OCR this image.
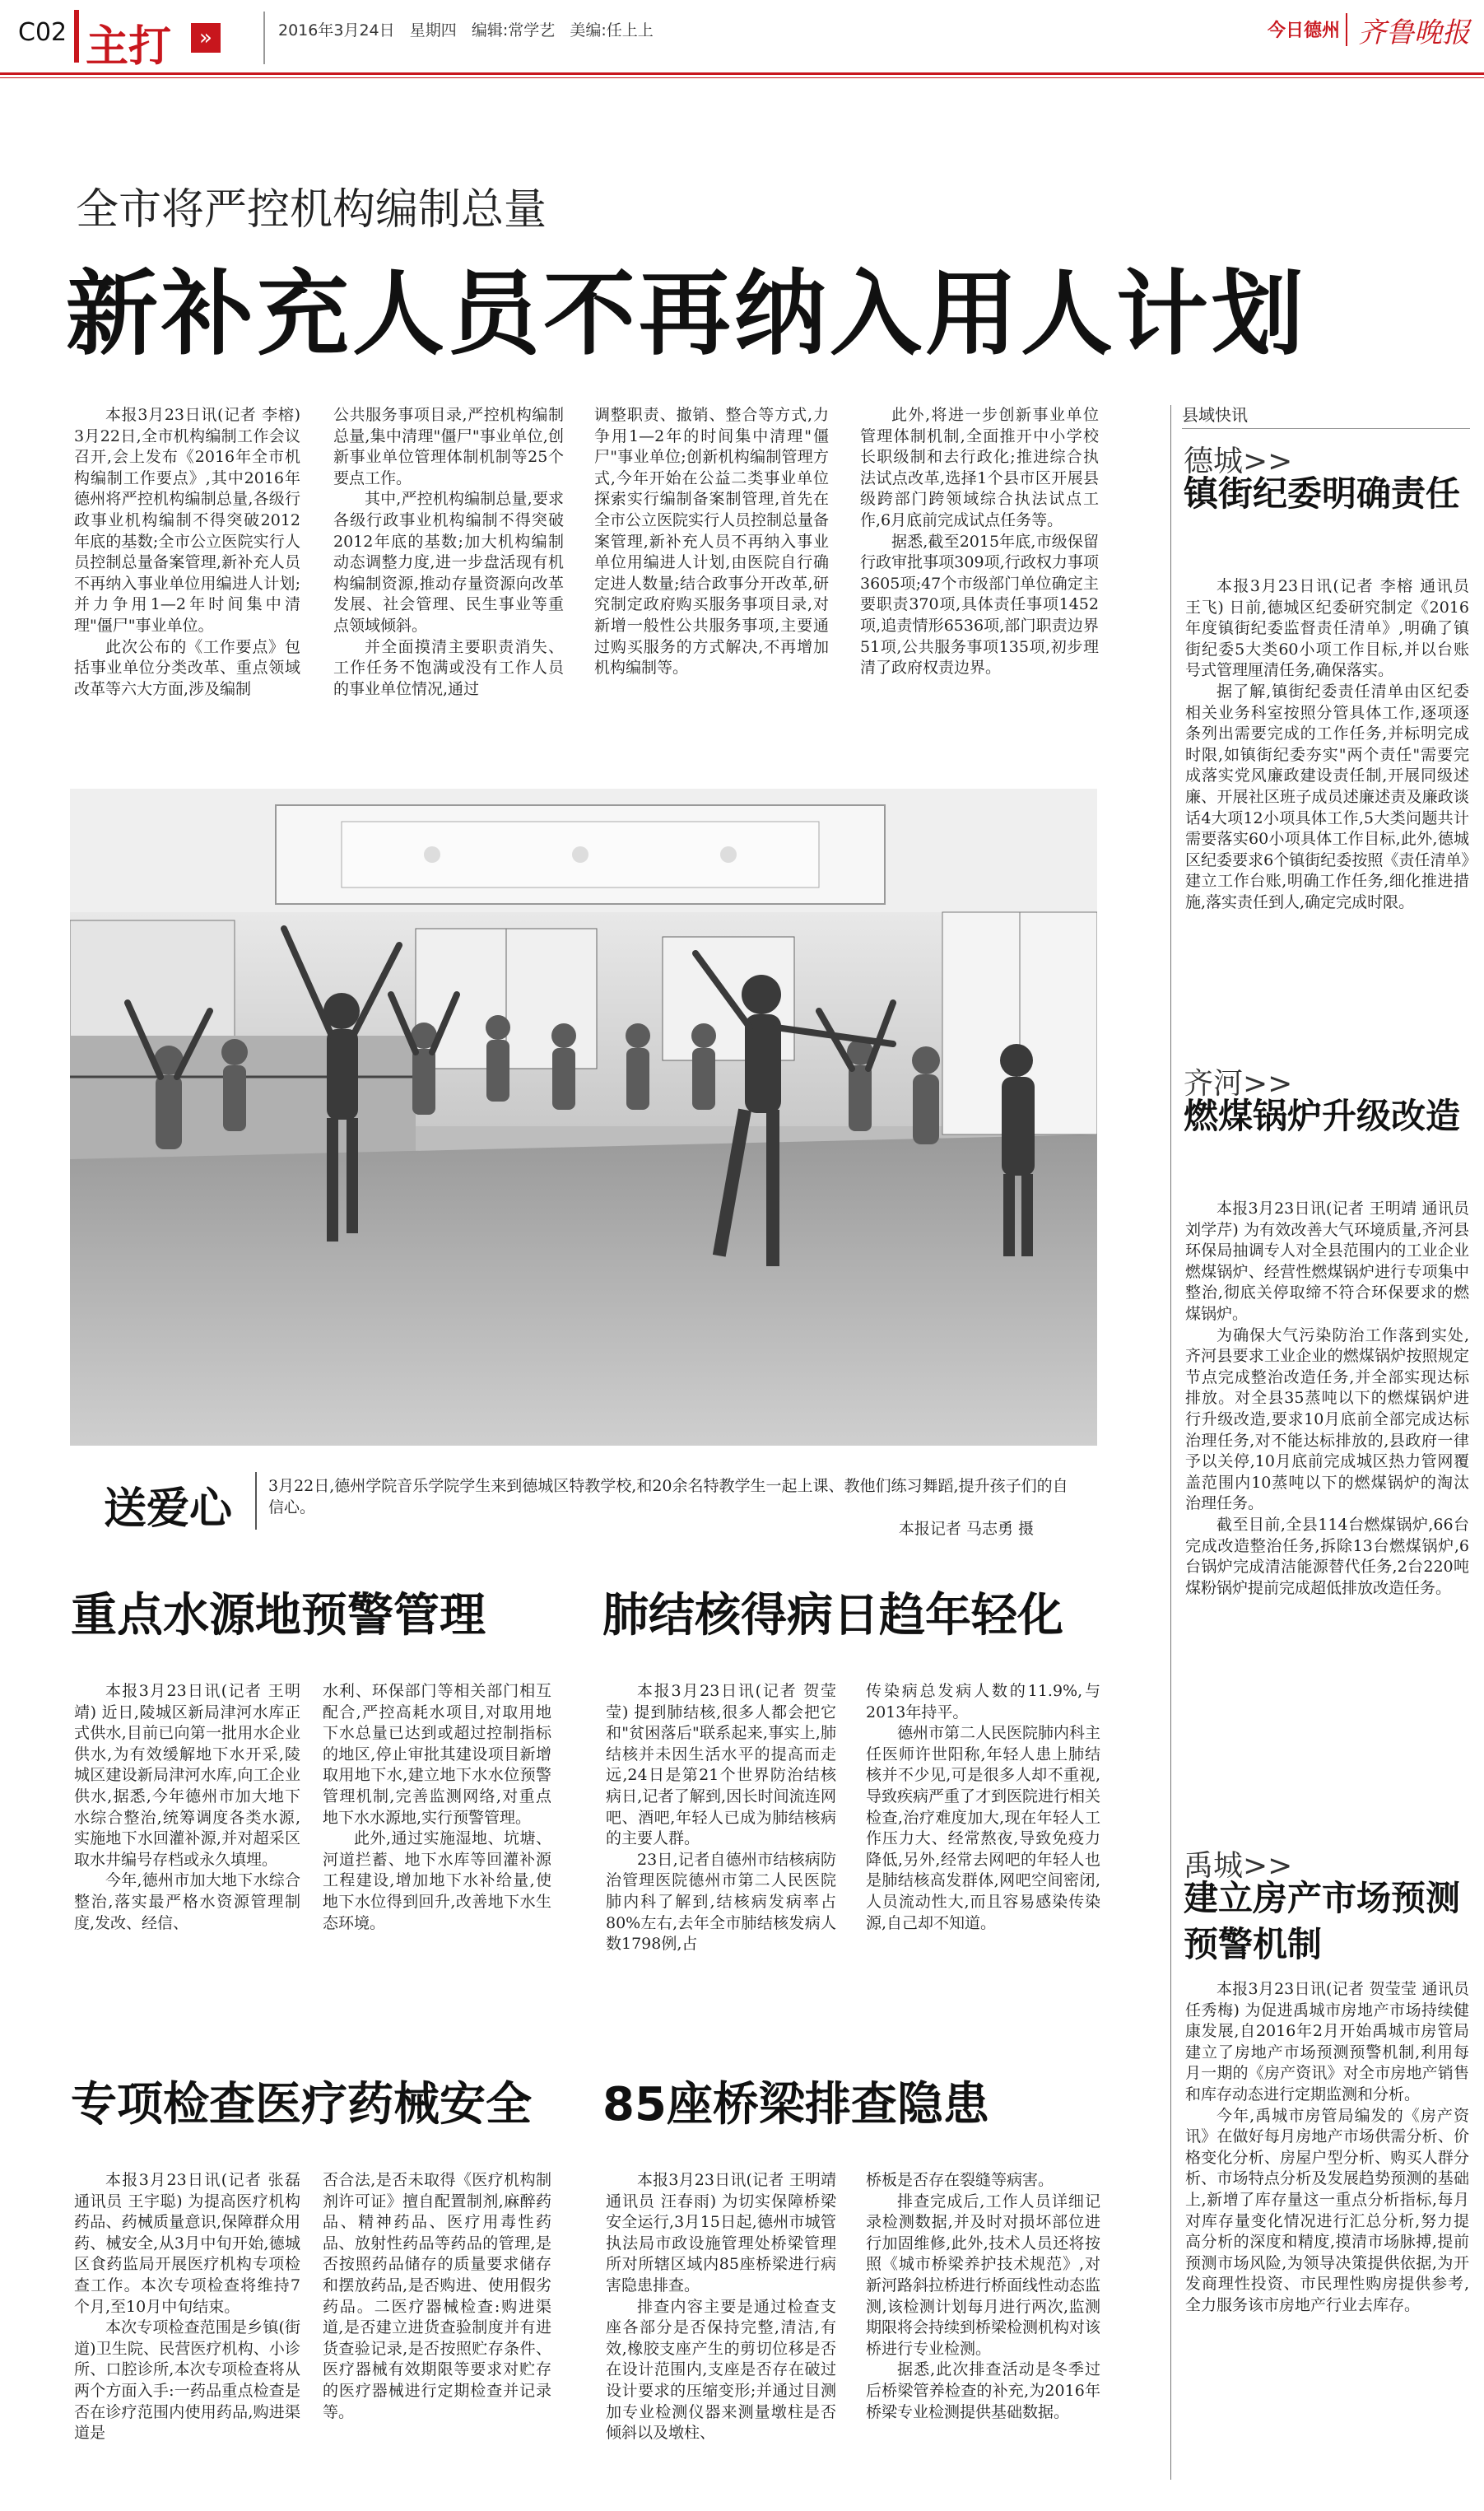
C02 主打	»	2016年3月24日   星期四   编辑:常学艺   美编:任上上	今日德州 齐鲁晚报
全市将严控机构编制总量
新补充人员不再纳入用人计划

本报3月23日讯(记者 李榕) 3月22日,全市机构编制工作会议召开,会上发布《2016年全市机构编制工作要点》,其中2016年德州将严控机构编制总量,各级行政事业机构编制不得突破2012年底的基数;全市公立医院实行人员控制总量备案管理,新补充人员不再纳入事业单位用编进人计划;并力争用1—2年时间集中清理"僵尸"事业单位。

此次公布的《工作要点》包括事业单位分类改革、重点领域改革等六大方面,涉及编制

公共服务事项目录,严控机构编制总量,集中清理"僵尸"事业单位,创新事业单位管理体制机制等25个要点工作。

其中,严控机构编制总量,要求各级行政事业机构编制不得突破2012年底的基数;加大机构编制动态调整力度,进一步盘活现有机构编制资源,推动存量资源向改革发展、社会管理、民生事业等重点领域倾斜。

并全面摸清主要职责消失、工作任务不饱满或没有工作人员的事业单位情况,通过

调整职责、撤销、整合等方式,力争用1—2年的时间集中清理"僵尸"事业单位;创新机构编制管理方式,今年开始在公益二类事业单位探索实行编制备案制管理,首先在全市公立医院实行人员控制总量备案管理,新补充人员不再纳入事业单位用编进人计划,由医院自行确定进人数量;结合政事分开改革,研究制定政府购买服务事项目录,对新增一般性公共服务事项,主要通过购买服务的方式解决,不再增加机构编制等。

此外,将进一步创新事业单位管理体制机制,全面推开中小学校长职级制和去行政化;推进综合执法试点改革,选择1个县市区开展县级跨部门跨领域综合执法试点工作,6月底前完成试点任务等。

据悉,截至2015年底,市级保留行政审批事项309项,行政权力事项3605项;47个市级部门单位确定主要职责370项,具体责任事项1452项,追责情形6536项,部门职责边界51项,公共服务事项135项,初步理清了政府权责边界。

送爱心 3月22日,德州学院音乐学院学生来到德城区特教学校,和20余名特教学生一起上课、教他们练习舞蹈,提升孩子们的自信心。
本报记者 马志勇 摄
重点水源地预警管理

本报3月23日讯(记者 王明靖) 近日,陵城区新局津河水库正式供水,目前已向第一批用水企业供水,为有效缓解地下水开采,陵城区建设新局津河水库,向工企业供水,据悉,今年德州市加大地下水综合整治,统筹调度各类水源,实施地下水回灌补源,并对超采区取水井编号存档或永久填埋。

今年,德州市加大地下水综合整治,落实最严格水资源管理制度,发改、经信、

水利、环保部门等相关部门相互配合,严控高耗水项目,对取用地下水总量已达到或超过控制指标的地区,停止审批其建设项目新增取用地下水,建立地下水水位预警管理机制,完善监测网络,对重点地下水水源地,实行预警管理。

此外,通过实施湿地、坑塘、河道拦蓄、地下水库等回灌补源工程建设,增加地下水补给量,使地下水位得到回升,改善地下水生态环境。

肺结核得病日趋年轻化

本报3月23日讯(记者 贺莹莹) 提到肺结核,很多人都会把它和"贫困落后"联系起来,事实上,肺结核并未因生活水平的提高而走远,24日是第21个世界防治结核病日,记者了解到,因长时间流连网吧、酒吧,年轻人已成为肺结核病的主要人群。

23日,记者自德州市结核病防治管理医院德州市第二人民医院肺内科了解到,结核病发病率占80%左右,去年全市肺结核发病人数1798例,占

传染病总发病人数的11.9%,与2013年持平。

德州市第二人民医院肺内科主任医师许世阳称,年轻人患上肺结核并不少见,可是很多人却不重视,导致疾病严重了才到医院进行相关检查,治疗难度加大,现在年轻人工作压力大、经常熬夜,导致免疫力降低,另外,经常去网吧的年轻人也是肺结核高发群体,网吧空间密闭,人员流动性大,而且容易感染传染源,自己却不知道。

专项检查医疗药械安全

本报3月23日讯(记者 张磊 通讯员 王宇聪) 为提高医疗机构药品、药械质量意识,保障群众用药、械安全,从3月中旬开始,德城区食药监局开展医疗机构专项检查工作。本次专项检查将维持7个月,至10月中旬结束。

本次专项检查范围是乡镇(街道)卫生院、民营医疗机构、小诊所、口腔诊所,本次专项检查将从两个方面入手:一药品重点检查是否在诊疗范围内使用药品,购进渠道是

否合法,是否未取得《医疗机构制剂许可证》擅自配置制剂,麻醉药品、精神药品、医疗用毒性药品、放射性药品等药品的管理,是否按照药品储存的质量要求储存和摆放药品,是否购进、使用假劣药品。二医疗器械检查:购进渠道,是否建立进货查验制度并有进货查验记录,是否按照贮存条件、医疗器械有效期限等要求对贮存的医疗器械进行定期检查并记录等。

85座桥梁排查隐患

本报3月23日讯(记者 王明靖 通讯员 汪春雨) 为切实保障桥梁安全运行,3月15日起,德州市城管执法局市政设施管理处桥梁管理所对所辖区域内85座桥梁进行病害隐患排查。

排查内容主要是通过检查支座各部分是否保持完整,清洁,有效,橡胶支座产生的剪切位移是否在设计范围内,支座是否存在破过设计要求的压缩变形;并通过目测加专业检测仪器来测量墩柱是否倾斜以及墩柱、

桥板是否存在裂缝等病害。

排查完成后,工作人员详细记录检测数据,并及时对损坏部位进行加固维修,此外,技术人员还将按照《城市桥梁养护技术规范》,对新河路斜拉桥进行桥面线性动态监测,该检测计划每月进行两次,监测期限将会持续到桥梁检测机构对该桥进行专业检测。

据悉,此次排查活动是冬季过后桥梁管养检查的补充,为2016年桥梁专业检测提供基础数据。

县域快讯
德城>>
镇街纪委明确责任

本报3月23日讯(记者 李榕 通讯员 王飞) 日前,德城区纪委研究制定《2016年度镇街纪委监督责任清单》,明确了镇街纪委5大类60小项工作目标,并以台账号式管理厘清任务,确保落实。

据了解,镇街纪委责任清单由区纪委相关业务科室按照分管具体工作,逐项逐条列出需要完成的工作任务,并标明完成时限,如镇街纪委夯实"两个责任"需要完成落实党风廉政建设责任制,开展同级述廉、开展社区班子成员述廉述责及廉政谈话4大项12小项具体工作,5大类问题共计需要落实60小项具体工作目标,此外,德城区纪委要求6个镇街纪委按照《责任清单》建立工作台账,明确工作任务,细化推进措施,落实责任到人,确定完成时限。

齐河>>
燃煤锅炉升级改造

本报3月23日讯(记者 王明靖 通讯员 刘学芹) 为有效改善大气环境质量,齐河县环保局抽调专人对全县范围内的工业企业燃煤锅炉、经营性燃煤锅炉进行专项集中整治,彻底关停取缔不符合环保要求的燃煤锅炉。

为确保大气污染防治工作落到实处,齐河县要求工业企业的燃煤锅炉按照规定节点完成整治改造任务,并全部实现达标排放。对全县35蒸吨以下的燃煤锅炉进行升级改造,要求10月底前全部完成达标治理任务,对不能达标排放的,县政府一律予以关停,10月底前完成城区热力管网覆盖范围内10蒸吨以下的燃煤锅炉的淘汰治理任务。

截至目前,全县114台燃煤锅炉,66台完成改造整治任务,拆除13台燃煤锅炉,6台锅炉完成清洁能源替代任务,2台220吨煤粉锅炉提前完成超低排放改造任务。

禹城>>
建立房产市场预测预警机制

本报3月23日讯(记者 贺莹莹 通讯员 任秀梅) 为促进禹城市房地产市场持续健康发展,自2016年2月开始禹城市房管局建立了房地产市场预测预警机制,利用每月一期的《房产资讯》对全市房地产销售和库存动态进行定期监测和分析。

今年,禹城市房管局编发的《房产资讯》在做好每月房地产市场供需分析、价格变化分析、房屋户型分析、购买人群分析、市场特点分析及发展趋势预测的基础上,新增了库存量这一重点分析指标,每月对库存量变化情况进行汇总分析,努力提高分析的深度和精度,摸清市场脉搏,提前预测市场风险,为领导决策提供依据,为开发商理性投资、市民理性购房提供参考,全力服务该市房地产行业去库存。
